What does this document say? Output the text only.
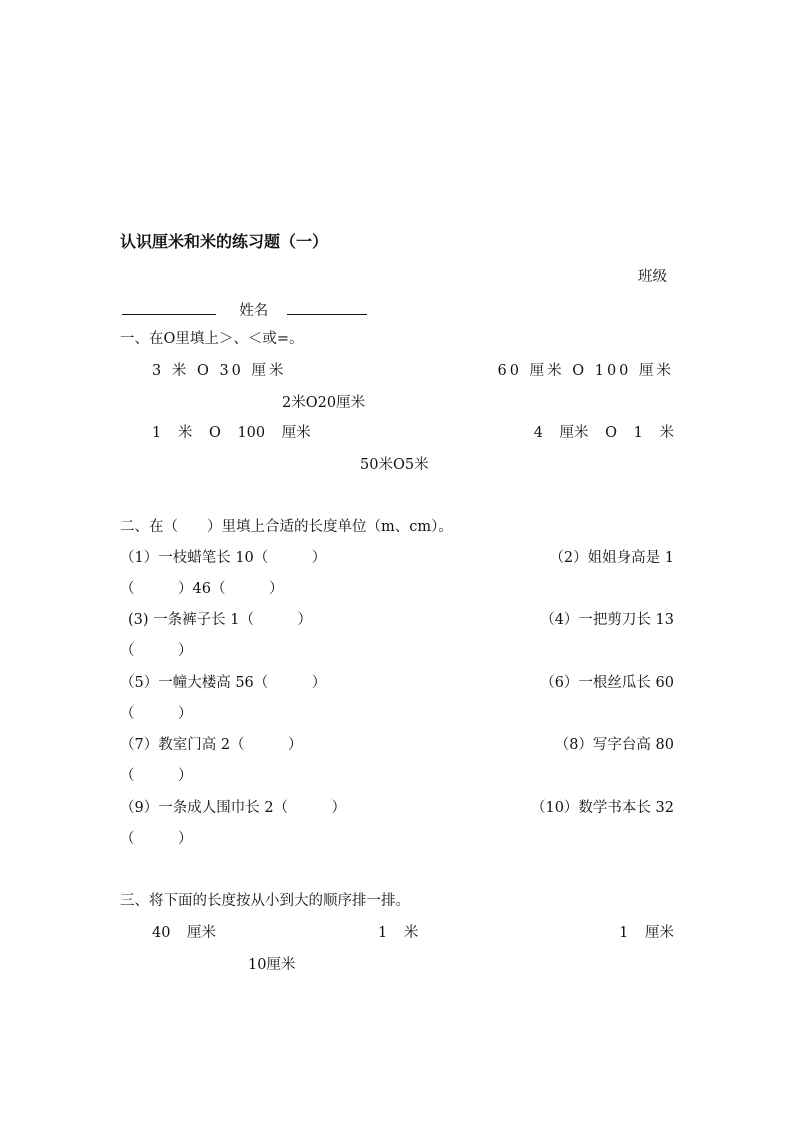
认识厘米和米的练习题（一）
班级
姓名
一、在O里填上＞、＜或=。
3 米 O 30 厘米	60 厘米 O 100 厘米
2米O20厘米
1 米 O 100 厘米	4 厘米 O 1 米
50米O5米
二、在（　　）里填上合适的长度单位（m、cm）。
（1）一枝蜡笔长 10（　　　）	（2）姐姐身高是 1
（　　　）46（　　　）
(3) 一条裤子长 1（　　　）	（4）一把剪刀长 13
（　　　）
（5）一幢大楼高 56（　　　）	（6）一根丝瓜长 60
（　　　）
（7）教室门高 2（　　　）	（8）写字台高 80
（　　　）
（9）一条成人围巾长 2（　　　）	（10）数学书本长 32
（　　　）
三、将下面的长度按从小到大的顺序排一排。
40 厘米	1 米	1 厘米
10厘米
